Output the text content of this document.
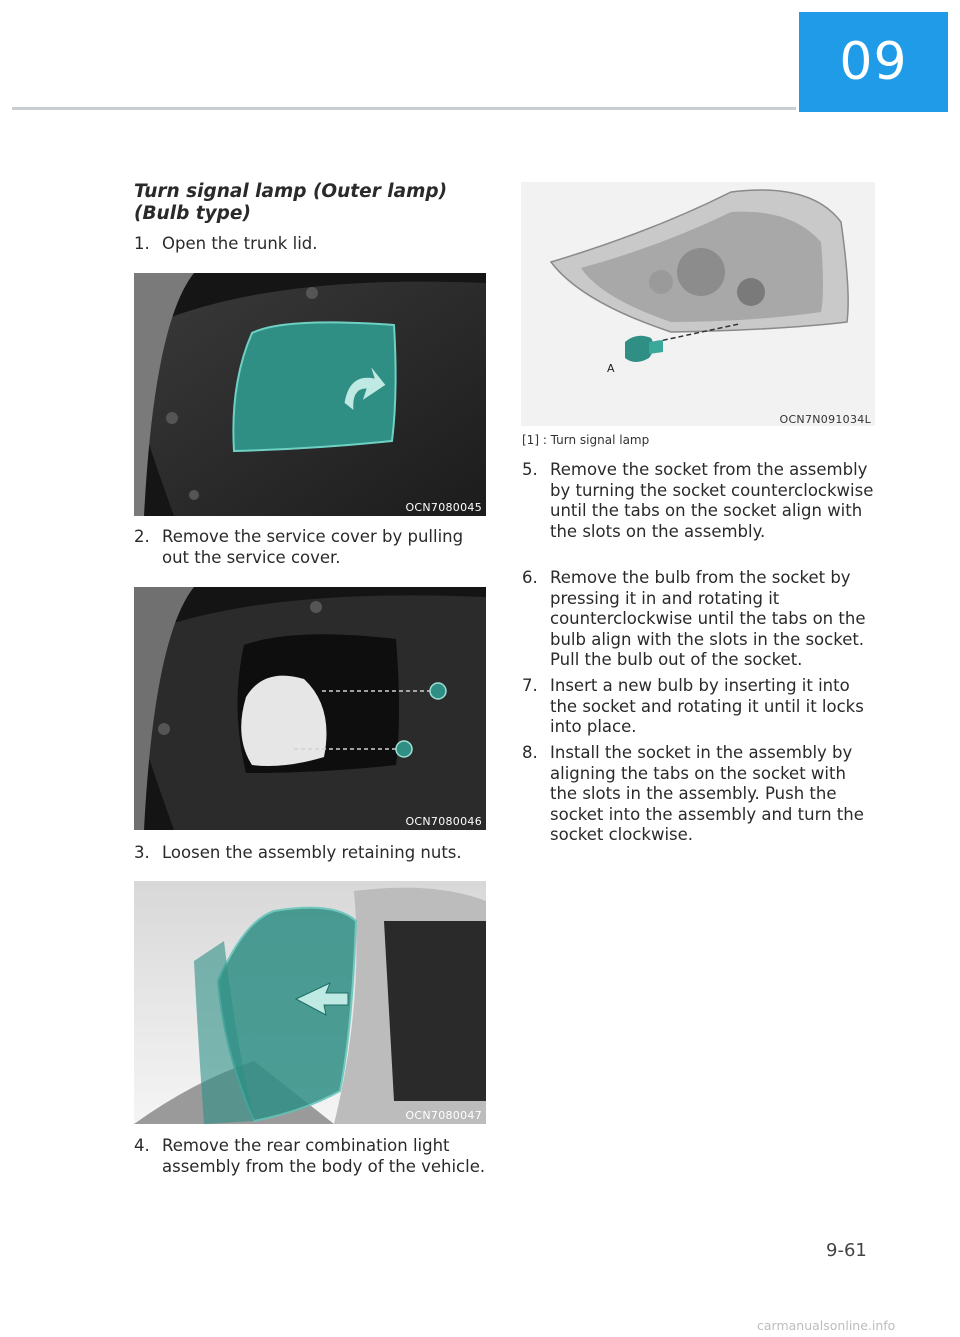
09
Turn signal lamp (Outer lamp) (Bulb type)
1. Open the trunk lid.
OCN7080045
2. Remove the service cover by pulling out the service cover.
OCN7080046
3. Loosen the assembly retaining nuts.
OCN7080047
4. Remove the rear combination light assembly from the body of the vehicle.
A
OCN7N091034L
[1] : Turn signal lamp
5. Remove the socket from the assembly by turning the socket counterclockwise until the tabs on the socket align with the slots on the assembly.
6. Remove the bulb from the socket by pressing it in and rotating it counterclockwise until the tabs on the bulb align with the slots in the socket. Pull the bulb out of the socket.
7. Insert a new bulb by inserting it into the socket and rotating it until it locks into place.
8. Install the socket in the assembly by aligning the tabs on the socket with the slots in the assembly. Push the socket into the assembly and turn the socket clockwise.
9-61
carmanualsonline.info
